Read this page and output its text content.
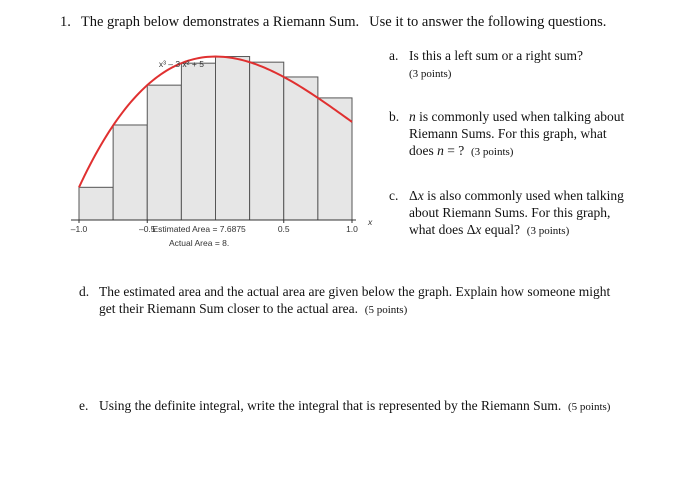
1. The graph below demonstrates a Riemann Sum. Use it to answer the following questions.
–1.0	–0.5	0.5	1.0
x³ – 3 x² + 5
x
Estimated Area = 7.6875
Actual Area = 8.
a. Is this a left sum or a right sum?
(3 points)
b. n is commonly used when talking about
Riemann Sums. For this graph, what
does n = ? (3 points)
c. Δx is also commonly used when talking
about Riemann Sums. For this graph,
what does Δx equal? (3 points)
d. The estimated area and the actual area are given below the graph. Explain how someone might
get their Riemann Sum closer to the actual area. (5 points)
e. Using the definite integral, write the integral that is represented by the Riemann Sum. (5 points)
